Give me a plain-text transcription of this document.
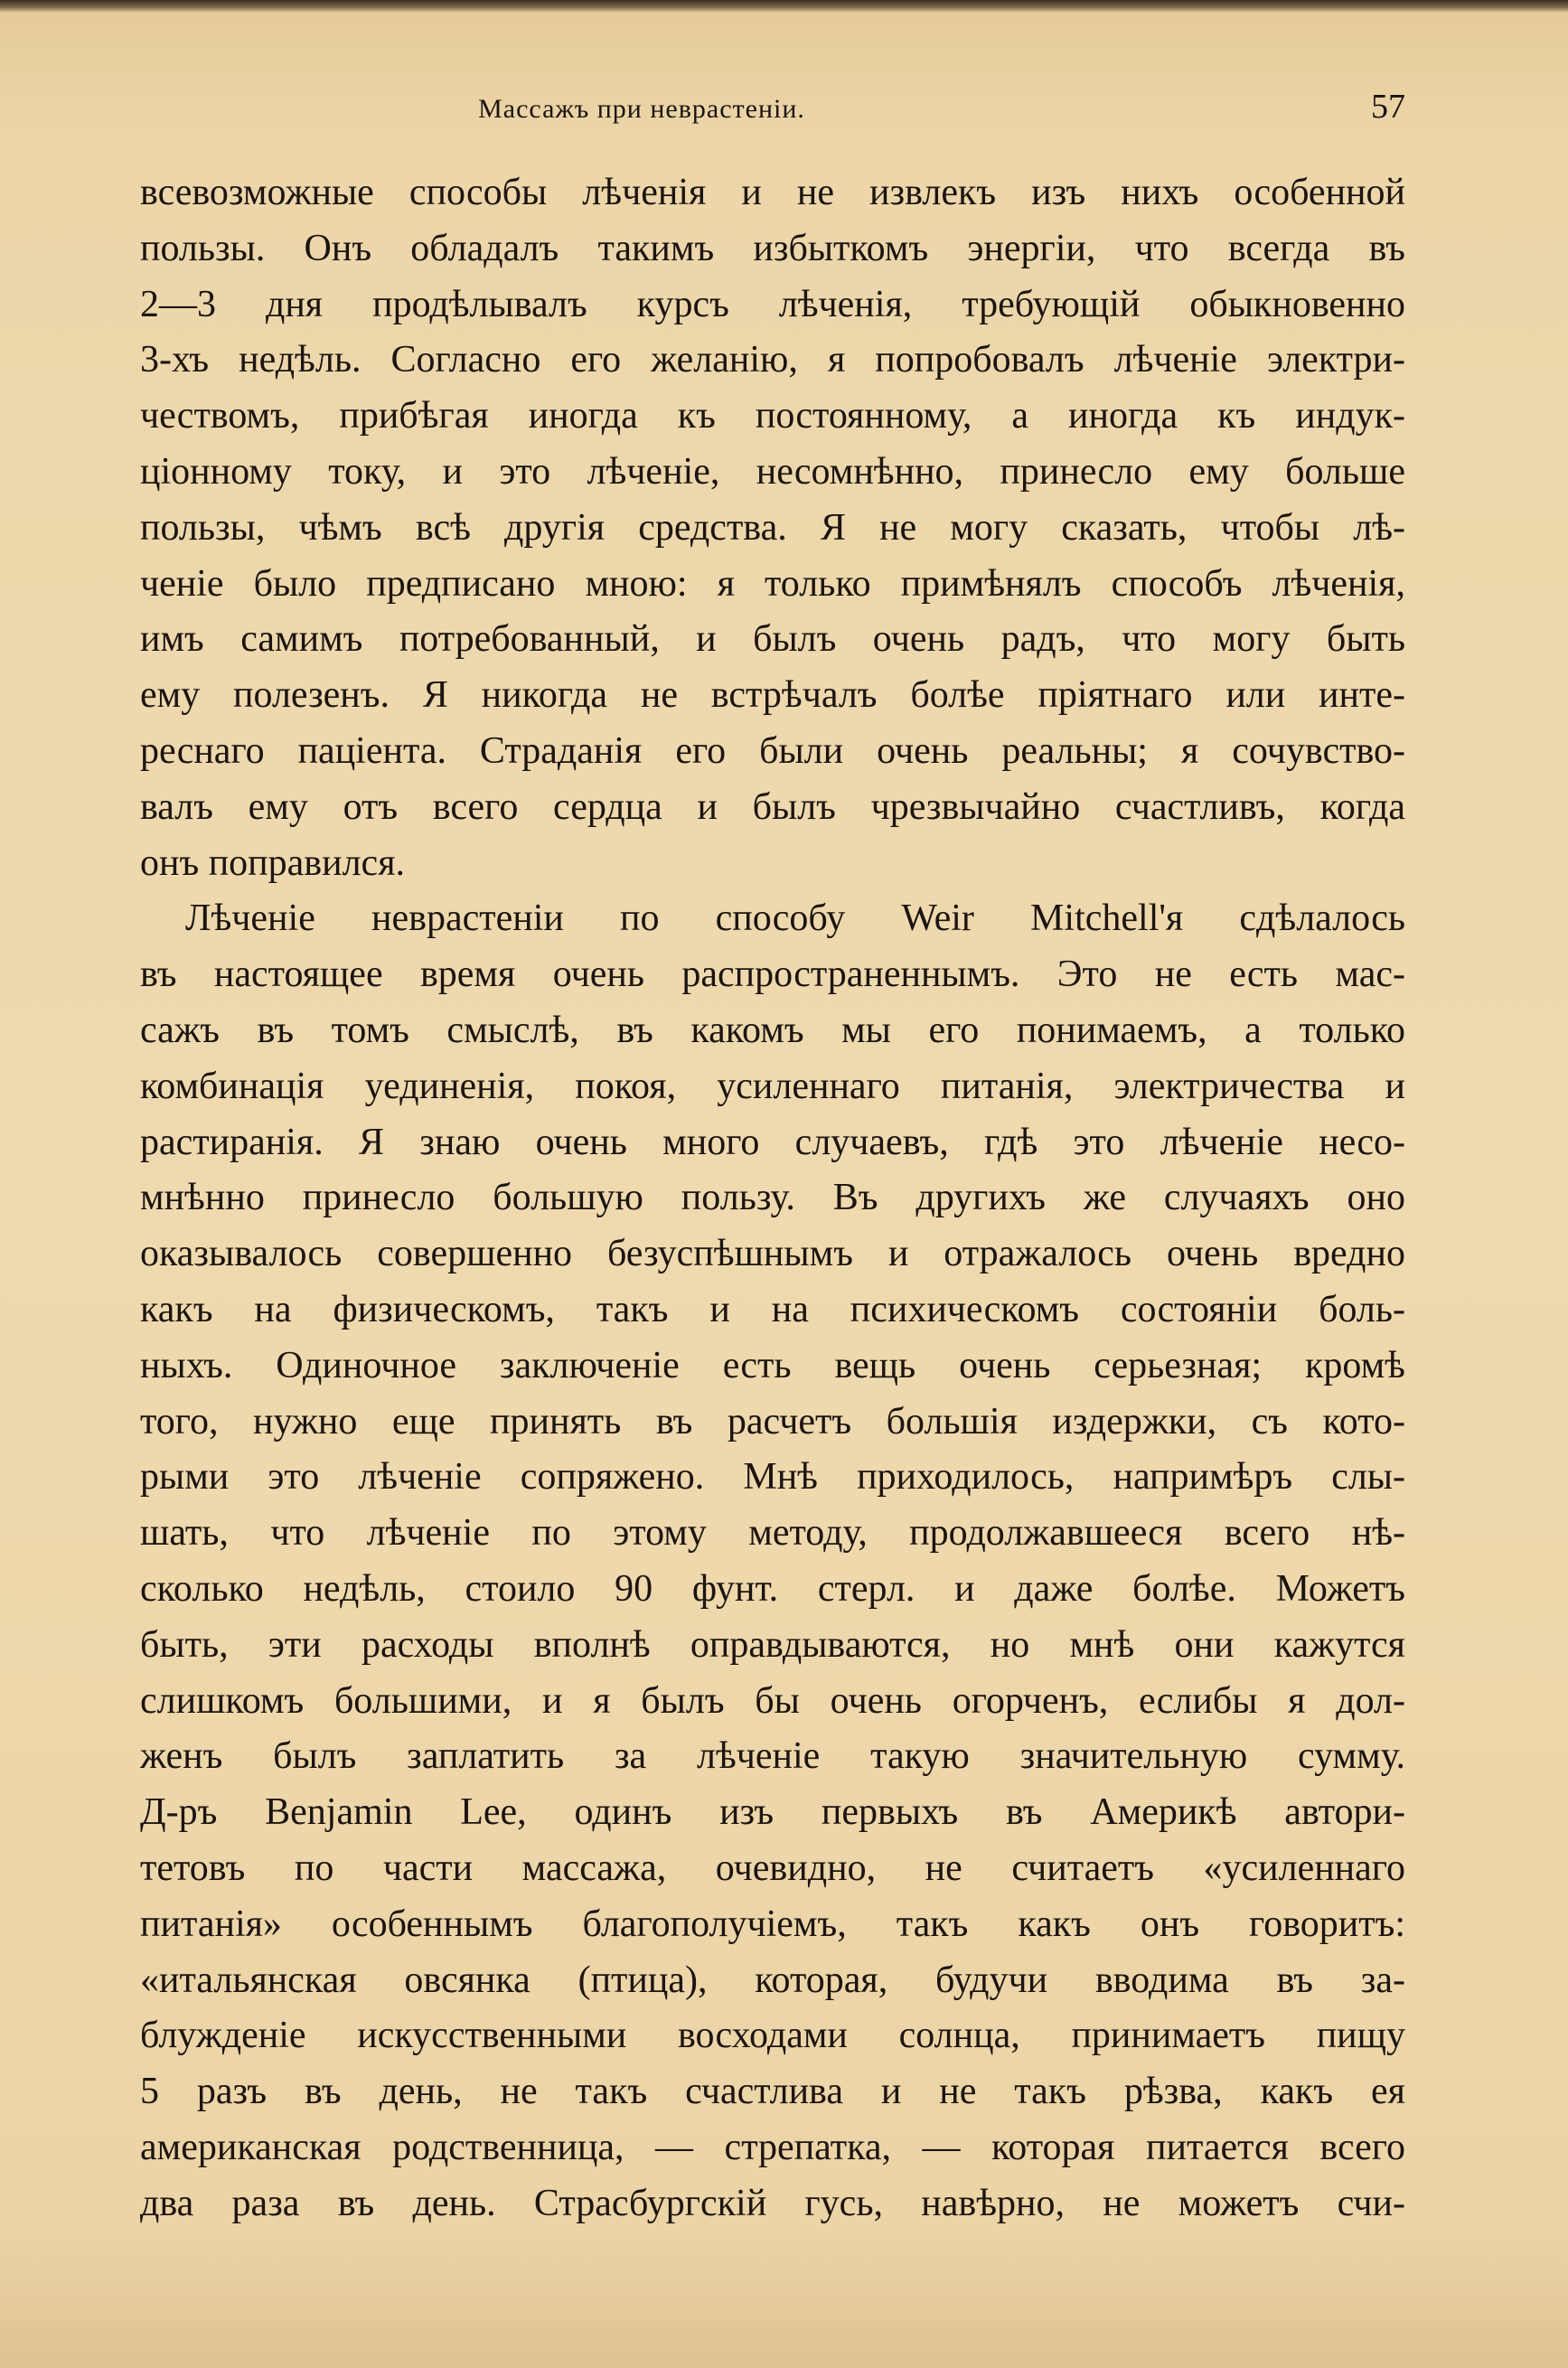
Массажъ при неврастеніи.	57
всевозможные способы лѣченія и не извлекъ изъ нихъ особенной
пользы. Онъ обладалъ такимъ избыткомъ энергіи, что всегда въ
2—3 дня продѣлывалъ курсъ лѣченія, требующій обыкновенно
3-хъ недѣль. Согласно его желанію, я попробовалъ лѣченіе электри-
чествомъ, прибѣгая иногда къ постоянному, а иногда къ индук-
ціонному току, и это лѣченіе, несомнѣнно, принесло ему больше
пользы, чѣмъ всѣ другія средства. Я не могу сказать, чтобы лѣ-
ченіе было предписано мною: я только примѣнялъ способъ лѣченія,
имъ самимъ потребованный, и былъ очень радъ, что могу быть
ему полезенъ. Я никогда не встрѣчалъ болѣе пріятнаго или инте-
реснаго паціента. Страданія его были очень реальны; я сочувство-
валъ ему отъ всего сердца и былъ чрезвычайно счастливъ, когда
онъ поправился.
Лѣченіе неврастеніи по способу Weir Mitchell'я сдѣлалось
въ настоящее время очень распространеннымъ. Это не есть мас-
сажъ въ томъ смыслѣ, въ какомъ мы его понимаемъ, а только
комбинація уединенія, покоя, усиленнаго питанія, электричества и
растиранія. Я знаю очень много случаевъ, гдѣ это лѣченіе несо-
мнѣнно принесло большую пользу. Въ другихъ же случаяхъ оно
оказывалось совершенно безуспѣшнымъ и отражалось очень вредно
какъ на физическомъ, такъ и на психическомъ состояніи боль-
ныхъ. Одиночное заключеніе есть вещь очень серьезная; кромѣ
того, нужно еще принять въ расчетъ большія издержки, съ кото-
рыми это лѣченіе сопряжено. Мнѣ приходилось, напримѣръ слы-
шать, что лѣченіе по этому методу, продолжавшееся всего нѣ-
сколько недѣль, стоило 90 фунт. стерл. и даже болѣе. Можетъ
быть, эти расходы вполнѣ оправдываются, но мнѣ они кажутся
слишкомъ большими, и я былъ бы очень огорченъ, еслибы я дол-
женъ былъ заплатить за лѣченіе такую значительную сумму.
Д-ръ Benjamin Lee, одинъ изъ первыхъ въ Америкѣ автори-
тетовъ по части массажа, очевидно, не считаетъ «усиленнаго
питанія» особеннымъ благополучіемъ, такъ какъ онъ говоритъ:
«итальянская овсянка (птица), которая, будучи вводима въ за-
блужденіе искусственными восходами солнца, принимаетъ пищу
5 разъ въ день, не такъ счастлива и не такъ рѣзва, какъ ея
американская родственница, — стрепатка, — которая питается всего
два раза въ день. Страсбургскій гусь, навѣрно, не можетъ счи-
